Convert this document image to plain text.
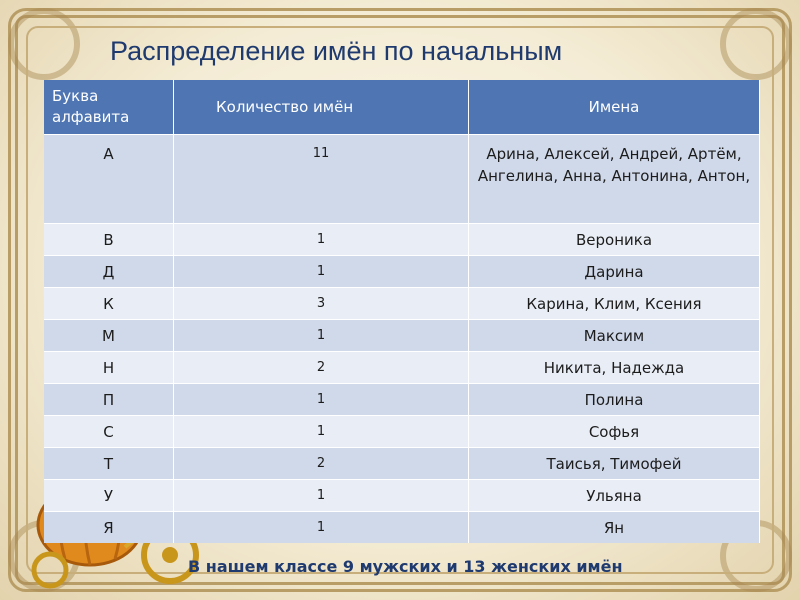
Распределение имён по начальным
Буква алфавита	Количество имён	Имена
А	11	Арина, Алексей, Андрей, Артём, Ангелина, Анна, Антонина, Антон,
В	1	Вероника
Д	1	Дарина
К	3	Карина, Клим, Ксения
М	1	Максим
Н	2	Никита, Надежда
П	1	Полина
С	1	Софья
Т	2	Таисья, Тимофей
У	1	Ульяна
Я	1	Ян
В нашем классе 9 мужских и 13 женских имён
